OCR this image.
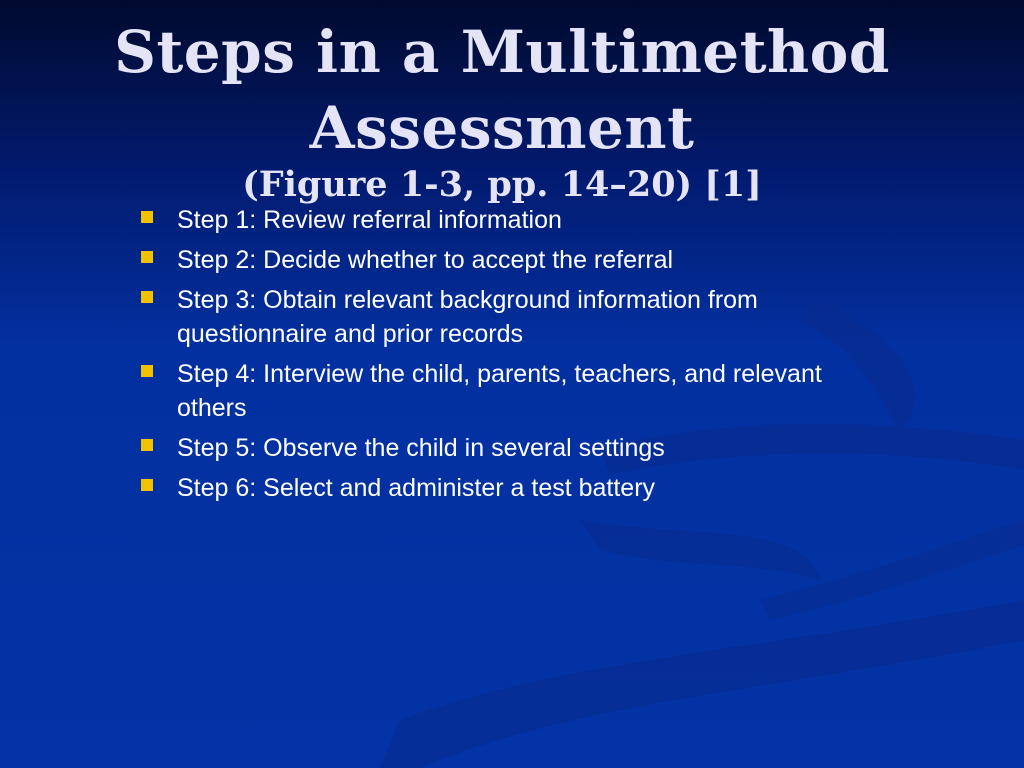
Steps in a Multimethod
Assessment
(Figure 1-3, pp. 14–20) [1]
Step 1: Review referral information
Step 2: Decide whether to accept the referral
Step 3: Obtain relevant background information from questionnaire and prior records
Step 4: Interview the child, parents, teachers, and relevant others
Step 5: Observe the child in several settings
Step 6: Select and administer a test battery
